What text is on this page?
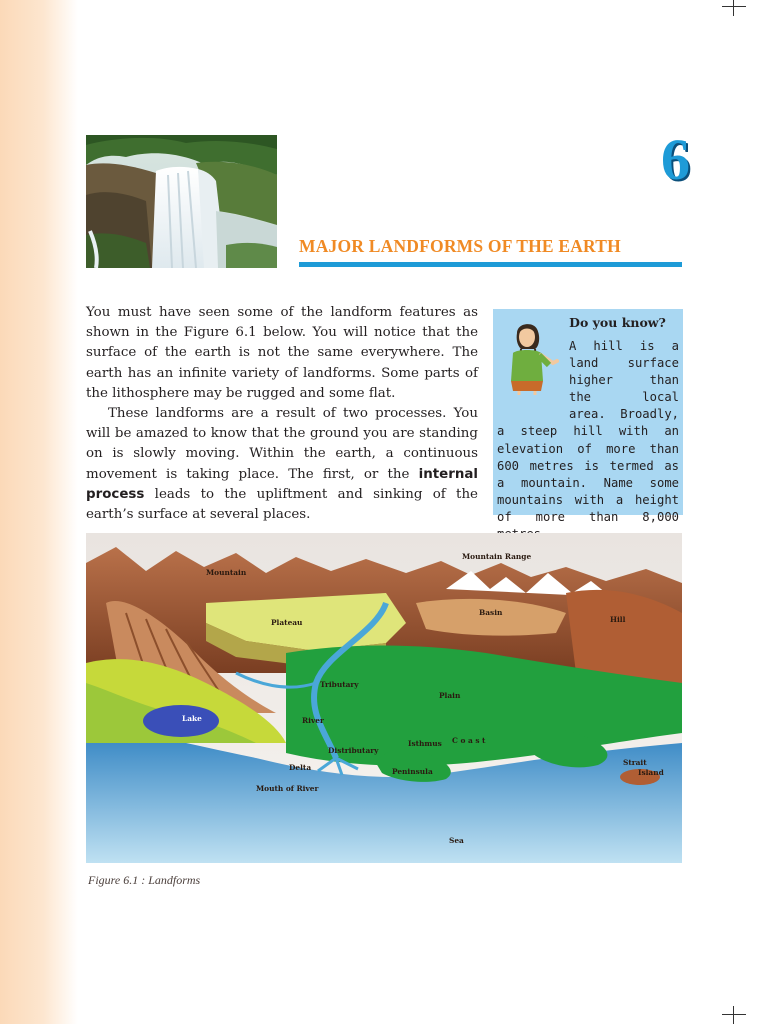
6
MAJOR LANDFORMS OF THE EARTH

You must have seen some of the landform features as shown in the Figure 6.1 below. You will notice that the surface of the earth is not the same everywhere. The earth has an infinite variety of landforms. Some parts of the lithosphere may be rugged and some flat.

These landforms are a result of two processes. You will be amazed to know that the ground you are standing on is slowly moving. Within the earth, a continuous movement is taking place. The first, or the internal process leads to the upliftment and sinking of the earth’s surface at several places.

Do you know?

A hill is a land surface higher than the local area. Broadly, a steep hill with an elevation of more than 600 metres is termed as a mountain. Name some mountains with a height of more than 8,000

Mountain
Mountain Range
Plateau
Basin
Hill
Tributary
Plain
Lake	River
Distributary
Isthmus C o a s t
Delta	Peninsula
Mouth of River
Strait
Island
Sea
Figure 6.1 : Landforms
